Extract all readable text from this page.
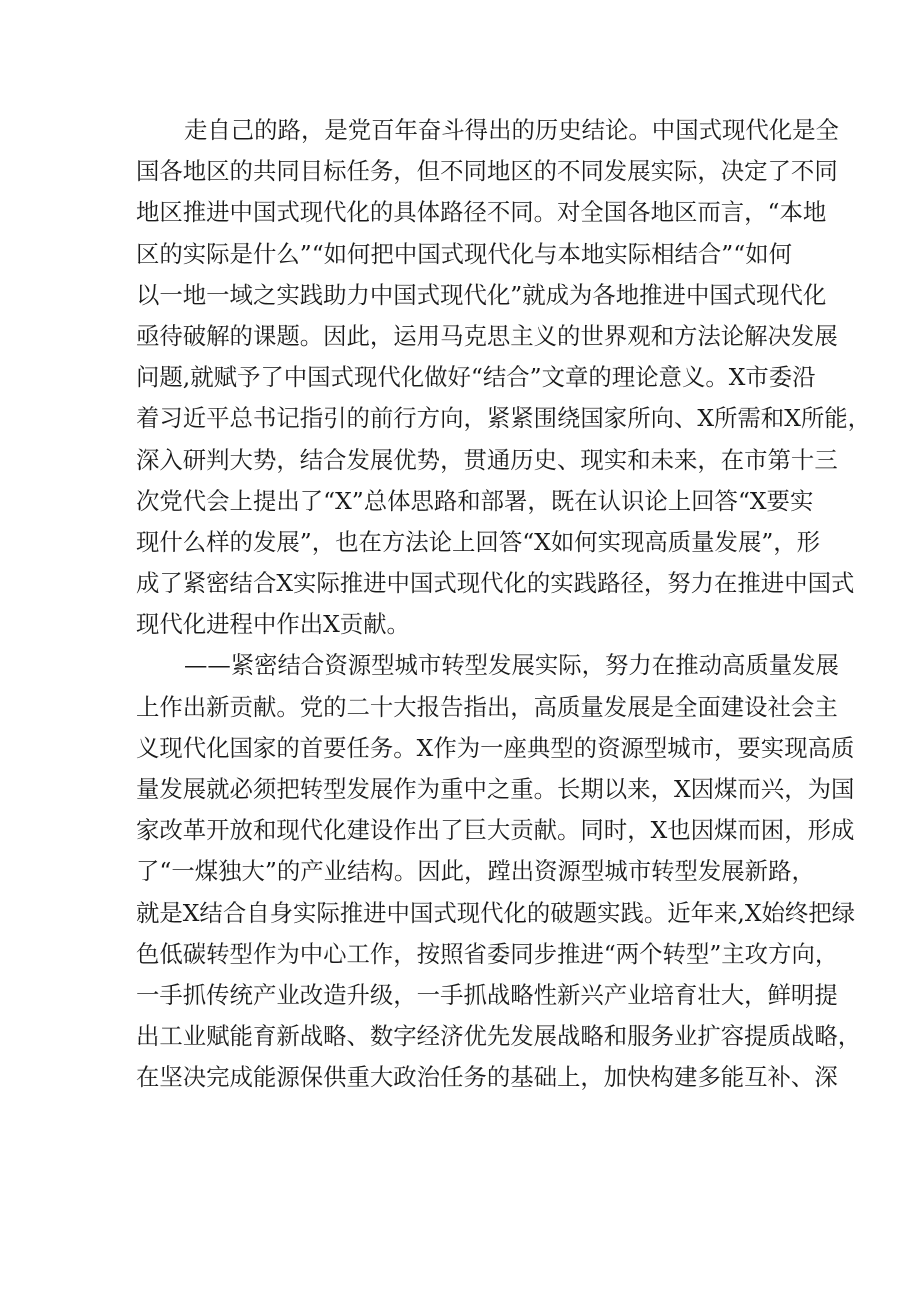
走自己的路，是党百年奋斗得出的历史结论。中国式现代化是全
国各地区的共同目标任务，但不同地区的不同发展实际，决定了不同
地区推进中国式现代化的具体路径不同。对全国各地区而言，“本地
区的实际是什么”“如何把中国式现代化与本地实际相结合”“如何
以一地一域之实践助力中国式现代化”就成为各地推进中国式现代化
亟待破解的课题。因此，运用马克思主义的世界观和方法论解决发展
问题,就赋予了中国式现代化做好“结合”文章的理论意义。X市委沿
着习近平总书记指引的前行方向，紧紧围绕国家所向、X所需和X所能，
深入研判大势，结合发展优势，贯通历史、现实和未来，在市第十三
次党代会上提出了“X”总体思路和部署，既在认识论上回答“X要实
现什么样的发展”，也在方法论上回答“X如何实现高质量发展”，形
成了紧密结合X实际推进中国式现代化的实践路径，努力在推进中国式
现代化进程中作出X贡献。
——紧密结合资源型城市转型发展实际，努力在推动高质量发展
上作出新贡献。党的二十大报告指出，高质量发展是全面建设社会主
义现代化国家的首要任务。X作为一座典型的资源型城市，要实现高质
量发展就必须把转型发展作为重中之重。长期以来，X因煤而兴，为国
家改革开放和现代化建设作出了巨大贡献。同时，X也因煤而困，形成
了“一煤独大”的产业结构。因此，蹚出资源型城市转型发展新路，
就是X结合自身实际推进中国式现代化的破题实践。近年来,X始终把绿
色低碳转型作为中心工作，按照省委同步推进“两个转型”主攻方向，
一手抓传统产业改造升级，一手抓战略性新兴产业培育壮大，鲜明提
出工业赋能育新战略、数字经济优先发展战略和服务业扩容提质战略，
在坚决完成能源保供重大政治任务的基础上，加快构建多能互补、深
